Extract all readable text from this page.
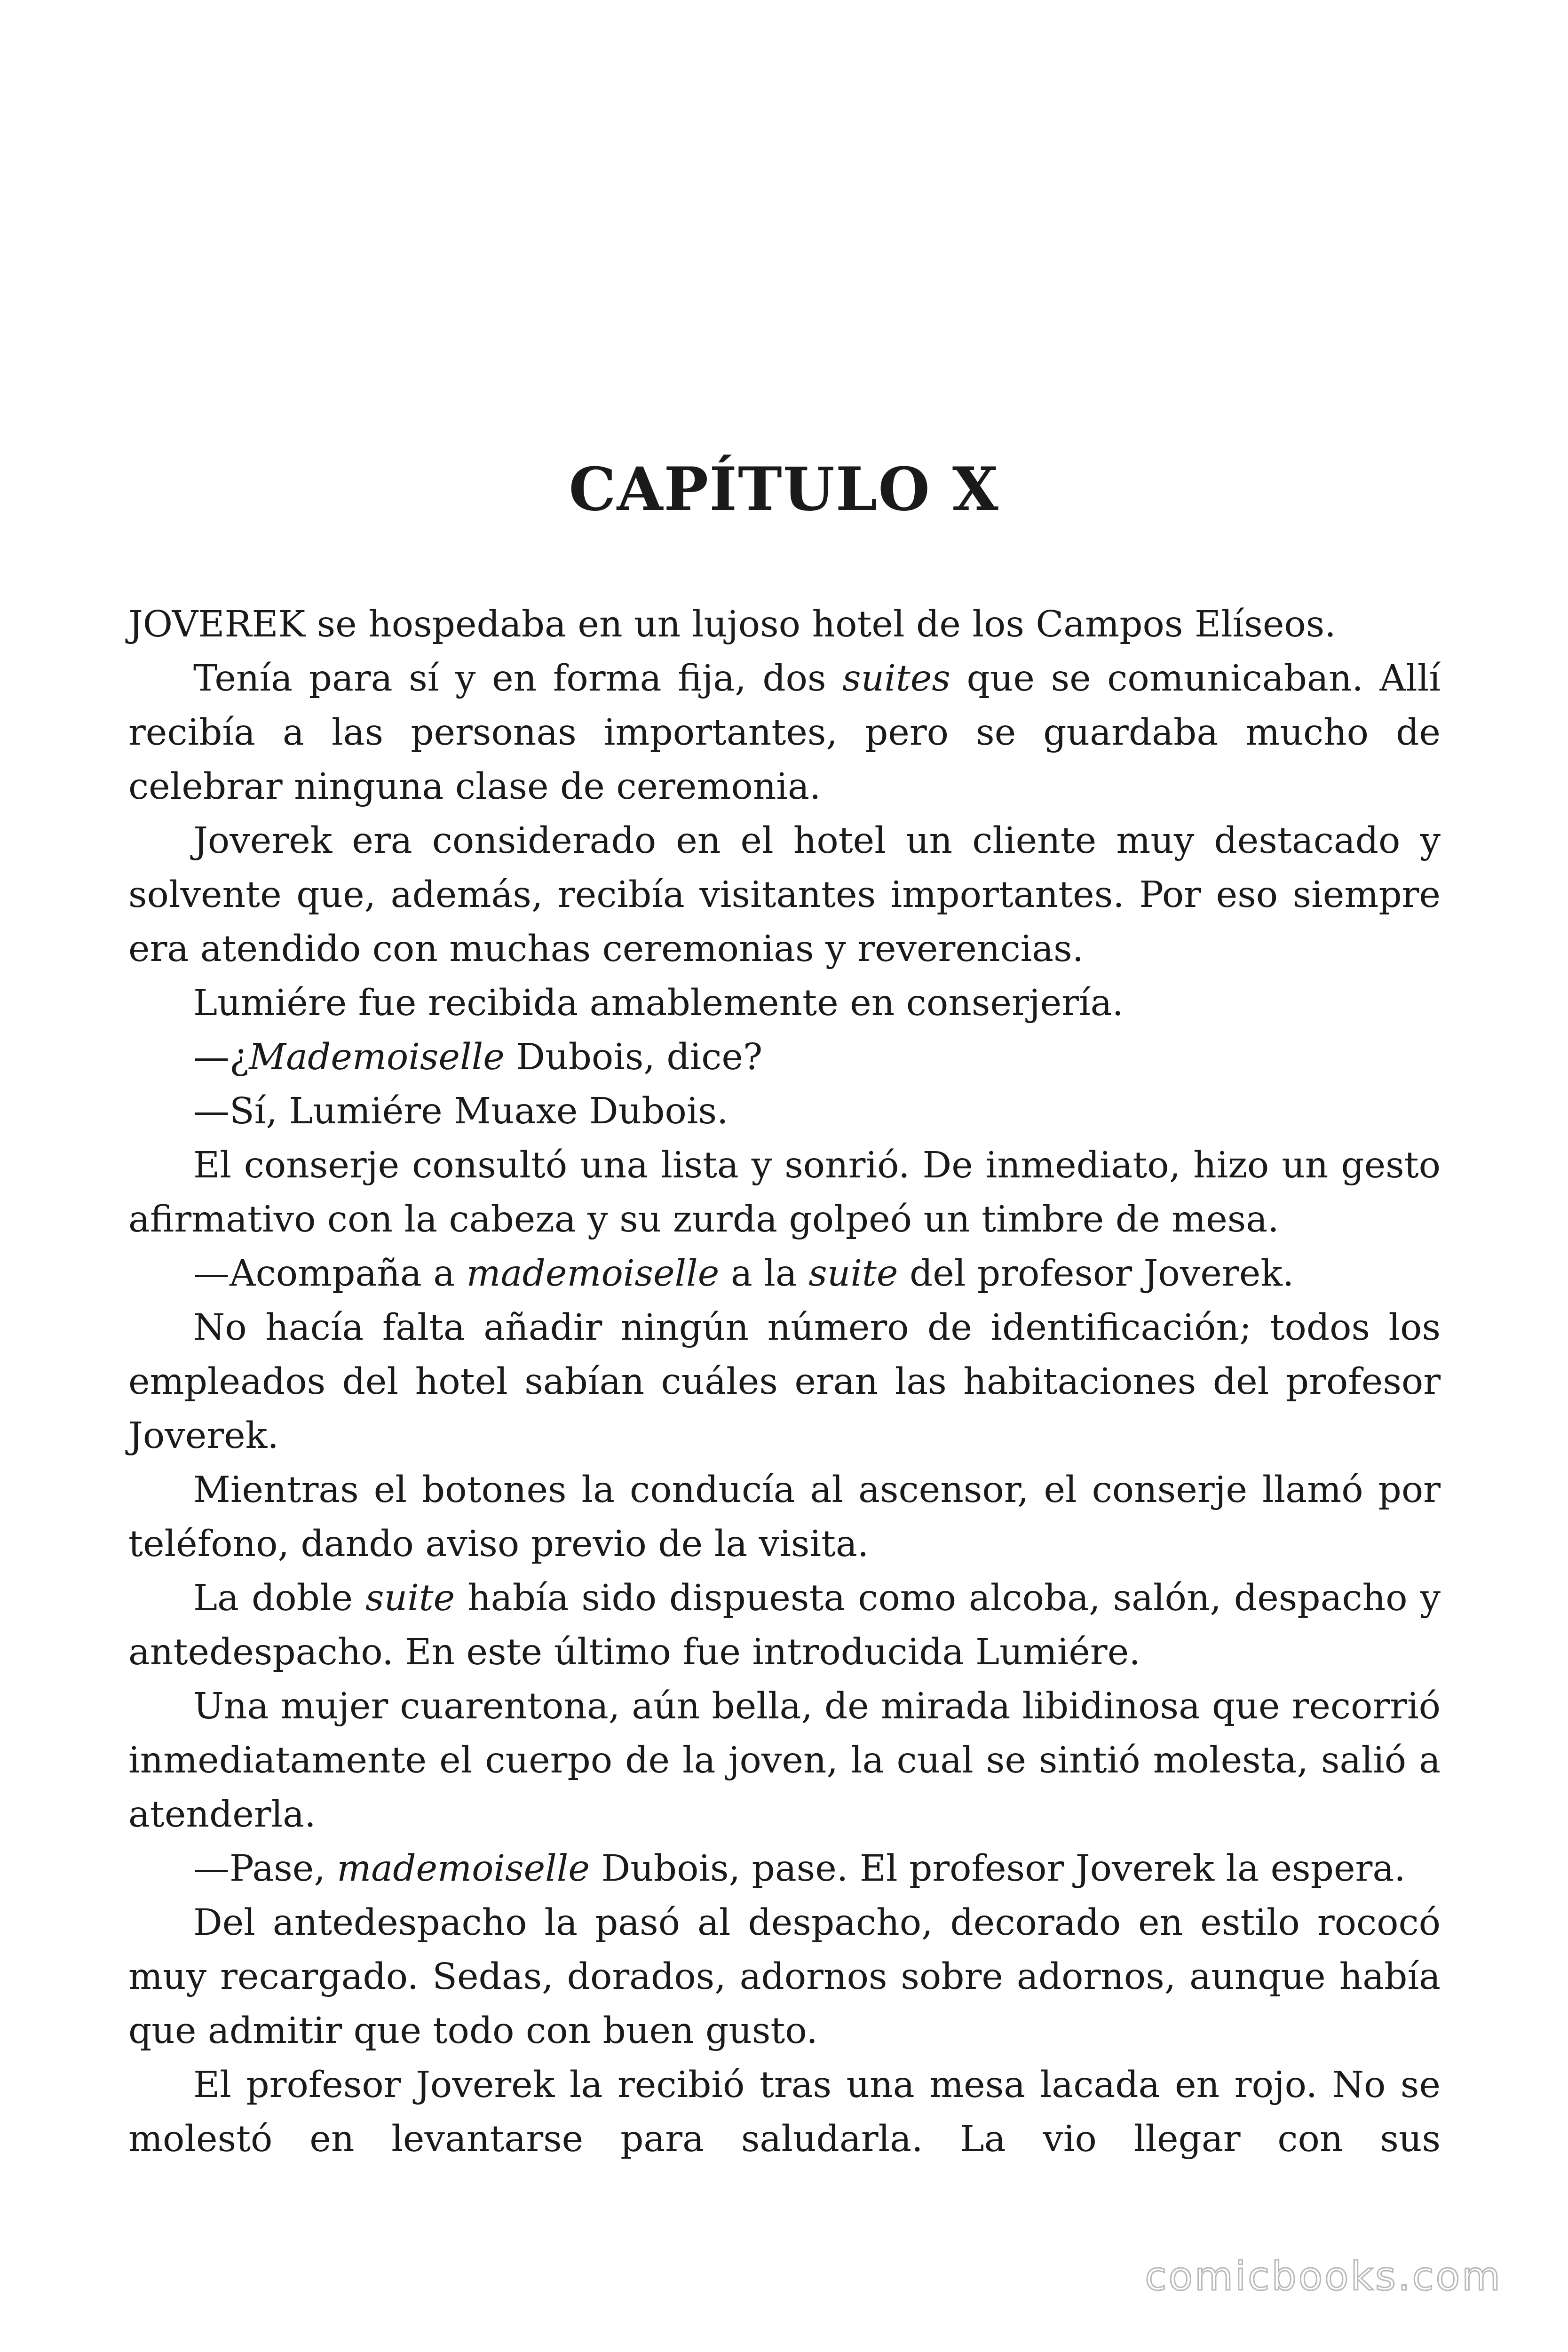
CAPÍTULO X

JOVEREK se hospedaba en un lujoso hotel de los Campos Elíseos.

Tenía para sí y en forma fija, dos suites que se comunicaban. Allí recibía a las personas importantes, pero se guardaba mucho de celebrar ninguna clase de ceremonia.

Joverek era considerado en el hotel un cliente muy destacado y solvente que, además, recibía visitantes importantes. Por eso siempre era atendido con muchas ceremonias y reverencias.

Lumiére fue recibida amablemente en conserjería.

—¿Mademoiselle Dubois, dice?

—Sí, Lumiére Muaxe Dubois.

El conserje consultó una lista y sonrió. De inmediato, hizo un gesto afirmativo con la cabeza y su zurda golpeó un timbre de mesa.

—Acompaña a mademoiselle a la suite del profesor Joverek.

No hacía falta añadir ningún número de identificación; todos los empleados del hotel sabían cuáles eran las habitaciones del profesor Joverek.

Mientras el botones la conducía al ascensor, el conserje llamó por teléfono, dando aviso previo de la visita.

La doble suite había sido dispuesta como alcoba, salón, despacho y antedespacho. En este último fue introducida Lumiére.

Una mujer cuarentona, aún bella, de mirada libidinosa que recorrió inmediatamente el cuerpo de la joven, la cual se sintió molesta, salió a atenderla.

—Pase, mademoiselle Dubois, pase. El profesor Joverek la espera.

Del antedespacho la pasó al despacho, decorado en estilo rococó muy recargado. Sedas, dorados, adornos sobre adornos, aunque había que admitir que todo con buen gusto.

El profesor Joverek la recibió tras una mesa lacada en rojo. No se molestó en levantarse para saludarla. La vio llegar con sus

comicbooks.com
